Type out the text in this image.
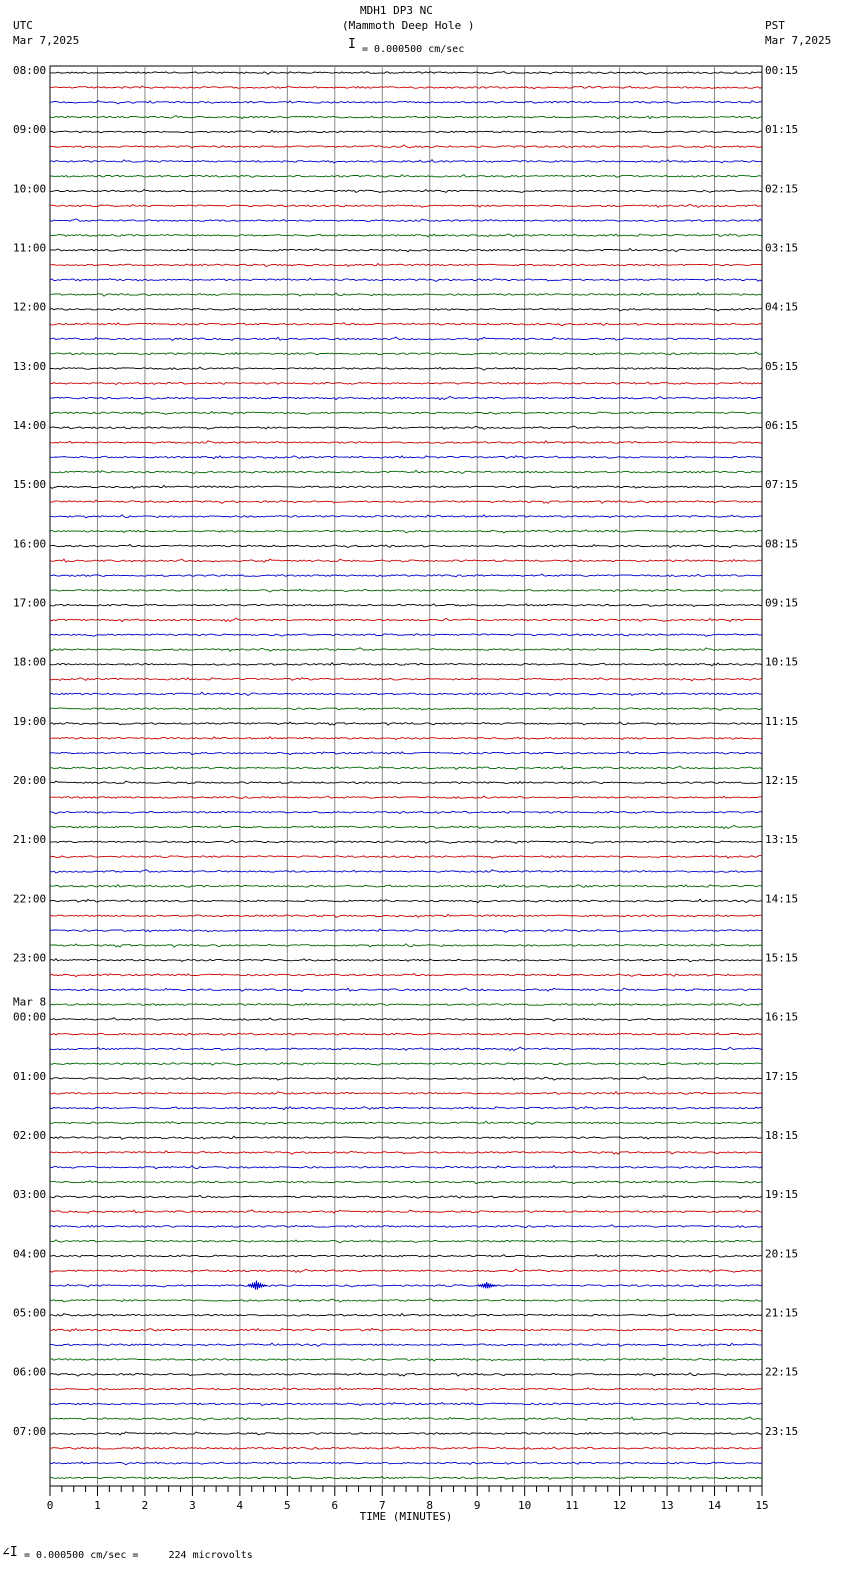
MDH1 DP3 NC
(Mammoth Deep Hole )
I = 0.000500 cm/sec
UTC
Mar 7,2025
PST
Mar 7,2025
08:00	00:15
09:00	01:15
10:00	02:15
11:00	03:15
12:00	04:15
13:00	05:15
14:00	06:15
15:00	07:15
16:00	08:15
17:00	09:15
18:00	10:15
19:00	11:15
20:00	12:15
21:00	13:15
22:00	14:15
23:00	15:15
00:00	16:15
Mar 8
01:00	17:15
02:00	18:15
03:00	19:15
04:00	20:15
05:00	21:15
06:00	22:15
07:00	23:15
0	1	2	3	4	5	6	7	8	9	10	11	12	13	14	15
TIME (MINUTES)
∠I = 0.000500 cm/sec =     224 microvolts
